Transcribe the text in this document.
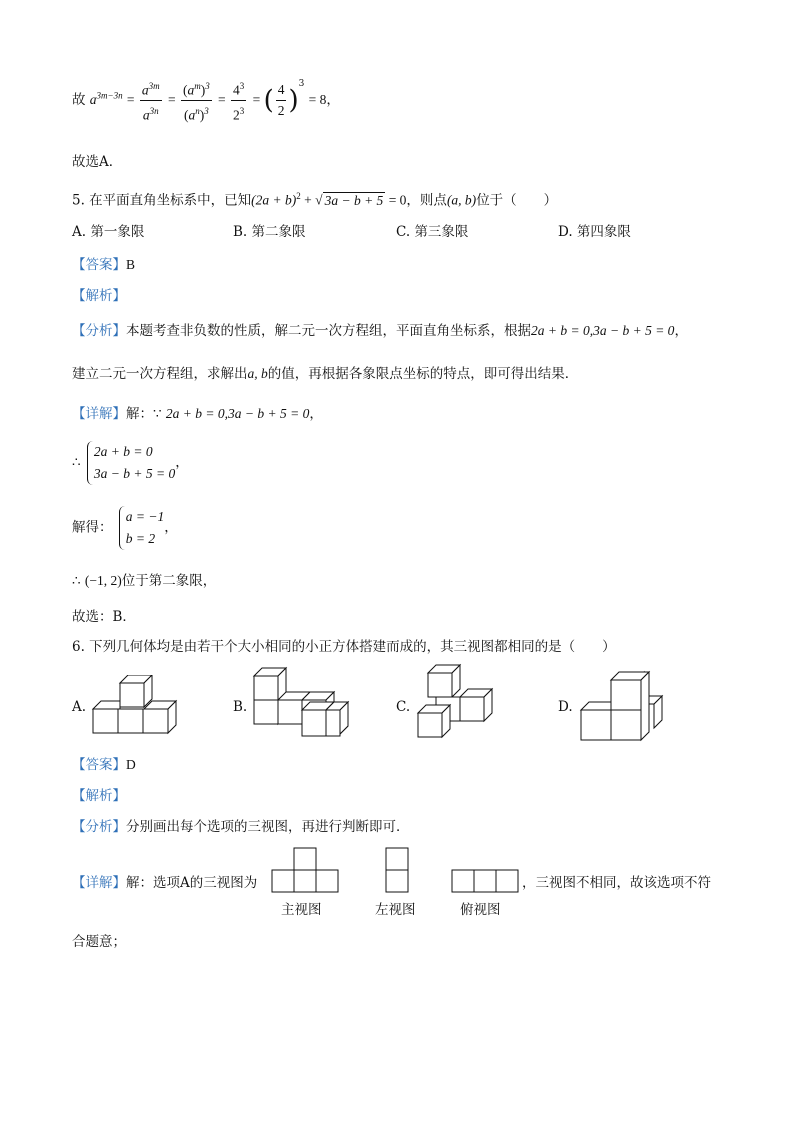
故 $a^{3m-3n} = \frac{a^{3m}}{a^{3n}} = \frac{(a^m)^3}{(a^n)^3} = \frac{4^3}{2^3}$ = ( $\frac{4}{2} )^3 = 8$，
故选A．
5. 在平面直角坐标系中，已知$(2a + b)^2$ + √ 3a − b + 5 = 0，则点(a, b)位于（　　）
A. 第一象限	B. 第二象限	C. 第三象限	D. 第四象限
【答案】B
【解析】
【分析】本题考查非负数的性质，解二元一次方程组，平面直角坐标系，根据2a + b = 0,3a − b + 5 = 0，
建立二元一次方程组，求解出a, b的值，再根据各象限点坐标的特点，即可得出结果．
【详解】解：∵ 2a + b = 0,3a − b + 5 = 0，
∴
2a + b = 0
3a − b + 5 = 0
，
解得：
a = −1
b = 2
，
∴ (−1, 2)位于第二象限，
故选：B．
6. 下列几何体均是由若干个大小相同的小正方体搭建而成的，其三视图都相同的是（　　）
A.	B.	C.	D.
【答案】D
【解析】
【分析】分别画出每个选项的三视图，再进行判断即可．
【详解】解：选项A的三视图为	，三视图不相同，故该选项不符
主视图	左视图	俯视图
合题意；
